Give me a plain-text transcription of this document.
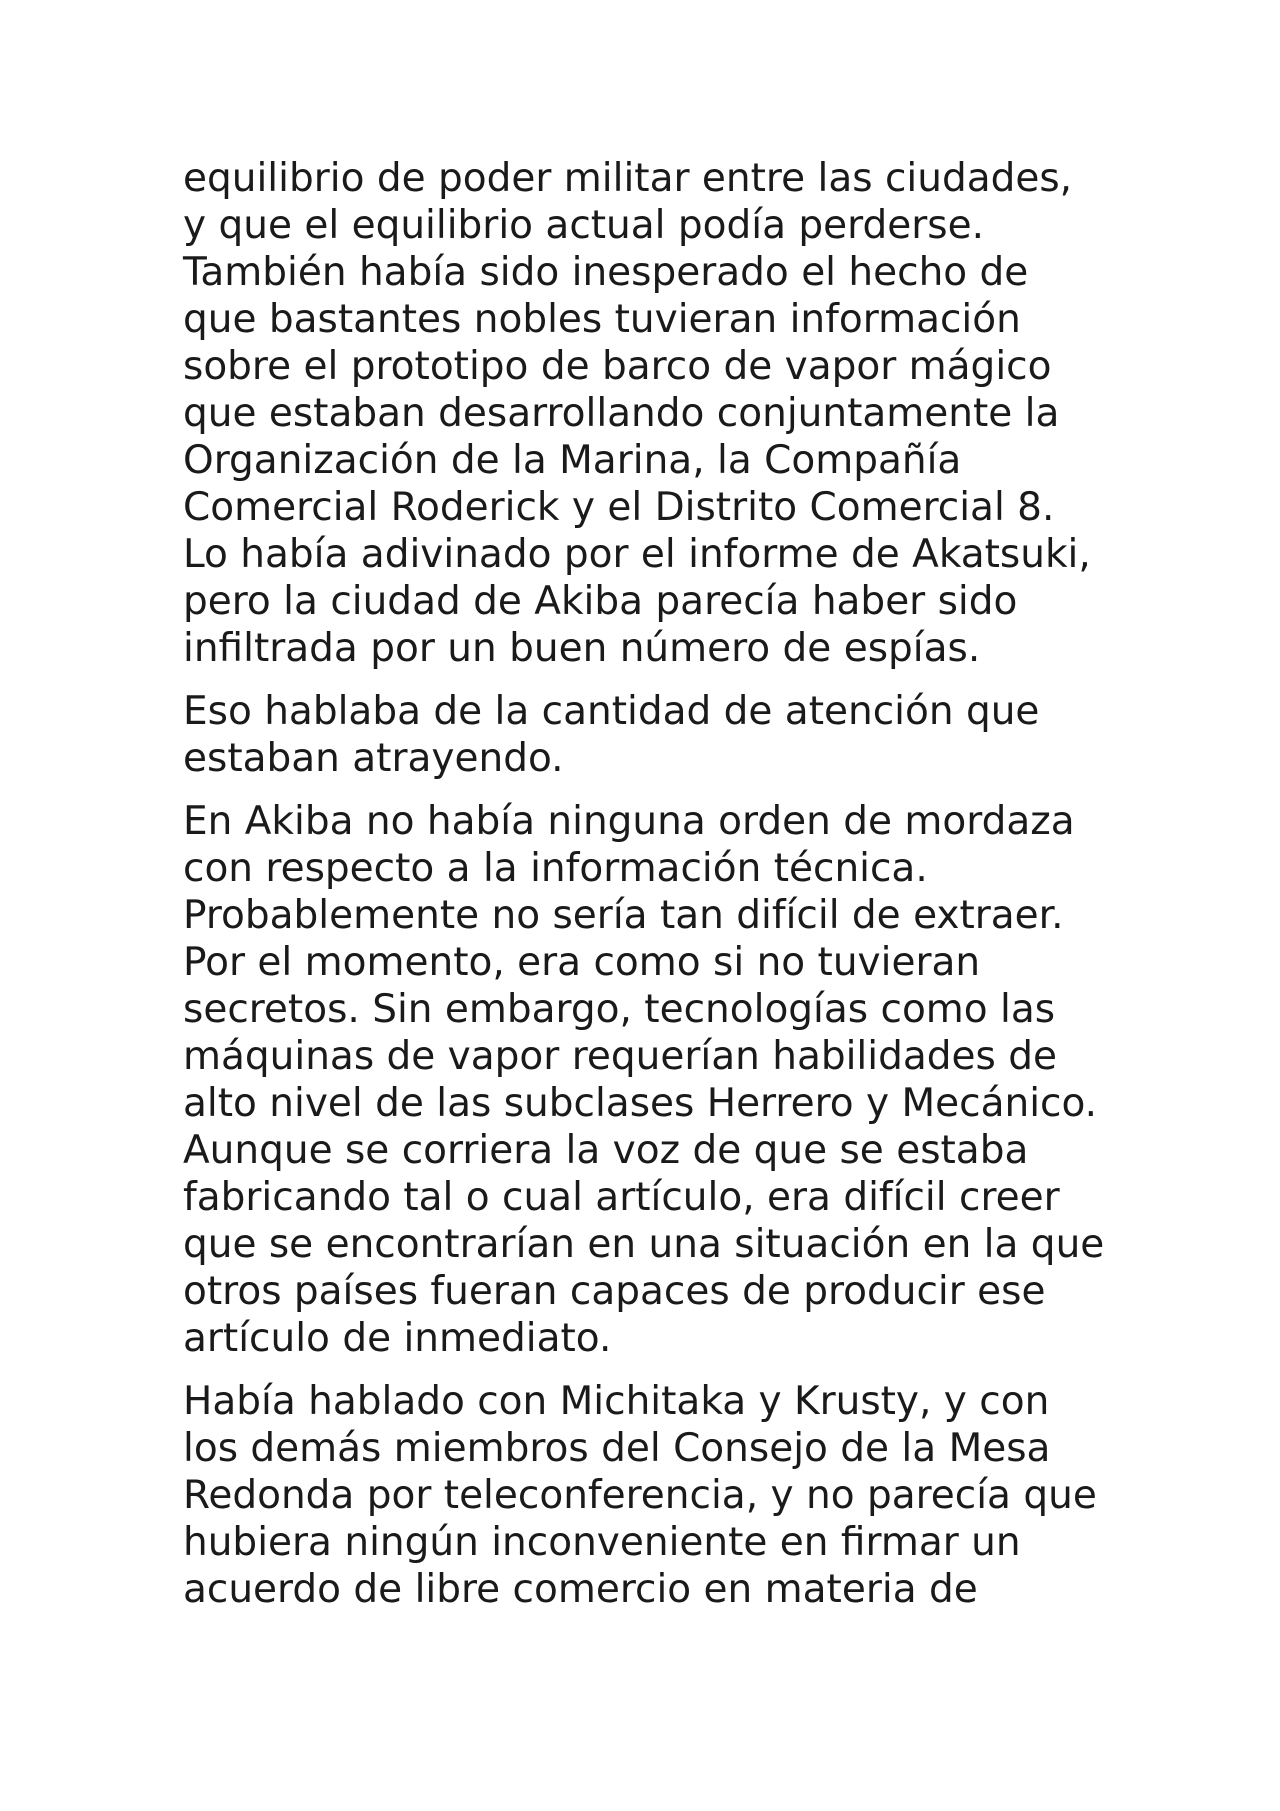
equilibrio de poder militar entre las ciudades,
y que el equilibrio actual podía perderse.
También había sido inesperado el hecho de
que bastantes nobles tuvieran información
sobre el prototipo de barco de vapor mágico
que estaban desarrollando conjuntamente la
Organización de la Marina, la Compañía
Comercial Roderick y el Distrito Comercial 8.
Lo había adivinado por el informe de Akatsuki,
pero la ciudad de Akiba parecía haber sido
infiltrada por un buen número de espías.

Eso hablaba de la cantidad de atención que
estaban atrayendo.

En Akiba no había ninguna orden de mordaza
con respecto a la información técnica.
Probablemente no sería tan difícil de extraer.
Por el momento, era como si no tuvieran
secretos. Sin embargo, tecnologías como las
máquinas de vapor requerían habilidades de
alto nivel de las subclases Herrero y Mecánico.
Aunque se corriera la voz de que se estaba
fabricando tal o cual artículo, era difícil creer
que se encontrarían en una situación en la que
otros países fueran capaces de producir ese
artículo de inmediato.

Había hablado con Michitaka y Krusty, y con
los demás miembros del Consejo de la Mesa
Redonda por teleconferencia, y no parecía que
hubiera ningún inconveniente en firmar un
acuerdo de libre comercio en materia de
